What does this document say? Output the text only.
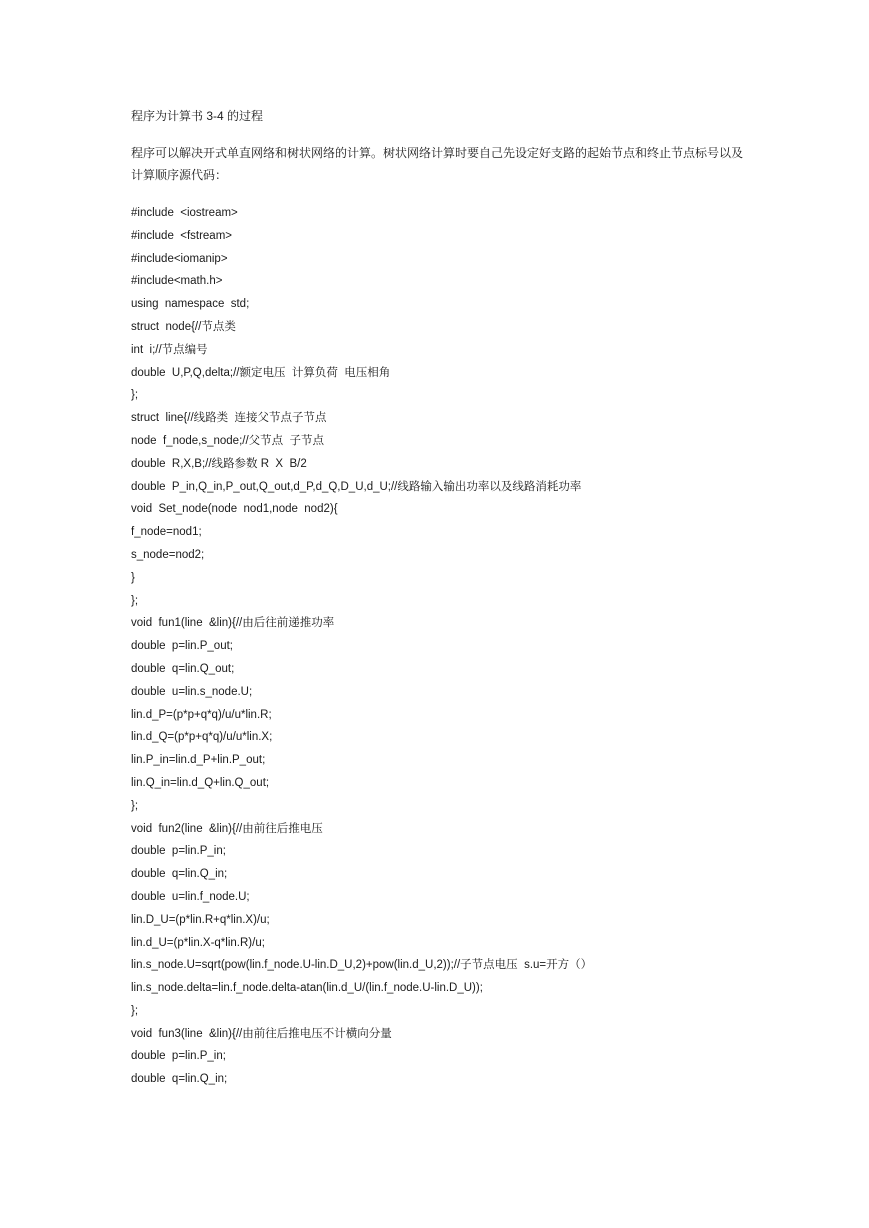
程序为计算书 3-4 的过程

程序可以解决开式单直网络和树状网络的计算。树状网络计算时要自己先设定好支路的起始节点和终止节点标号以及计算顺序源代码：

#include  <iostream>
#include  <fstream>
#include<iomanip>
#include<math.h>
using  namespace  std;
struct  node{//节点类
int  i;//节点编号
double  U,P,Q,delta;//额定电压  计算负荷  电压相角
};
struct  line{//线路类  连接父节点子节点
node  f_node,s_node;//父节点  子节点
double  R,X,B;//线路参数 R  X  B/2
double  P_in,Q_in,P_out,Q_out,d_P,d_Q,D_U,d_U;//线路输入输出功率以及线路消耗功率
void  Set_node(node  nod1,node  nod2){
f_node=nod1;
s_node=nod2;
}
};
void  fun1(line  &lin){//由后往前递推功率
double  p=lin.P_out;
double  q=lin.Q_out;
double  u=lin.s_node.U;
lin.d_P=(p*p+q*q)/u/u*lin.R;
lin.d_Q=(p*p+q*q)/u/u*lin.X;
lin.P_in=lin.d_P+lin.P_out;
lin.Q_in=lin.d_Q+lin.Q_out;
};
void  fun2(line  &lin){//由前往后推电压
double  p=lin.P_in;
double  q=lin.Q_in;
double  u=lin.f_node.U;
lin.D_U=(p*lin.R+q*lin.X)/u;
lin.d_U=(p*lin.X-q*lin.R)/u;
lin.s_node.U=sqrt(pow(lin.f_node.U-lin.D_U,2)+pow(lin.d_U,2));//子节点电压  s.u=开方（）
lin.s_node.delta=lin.f_node.delta-atan(lin.d_U/(lin.f_node.U-lin.D_U));
};
void  fun3(line  &lin){//由前往后推电压不计横向分量
double  p=lin.P_in;
double  q=lin.Q_in;
